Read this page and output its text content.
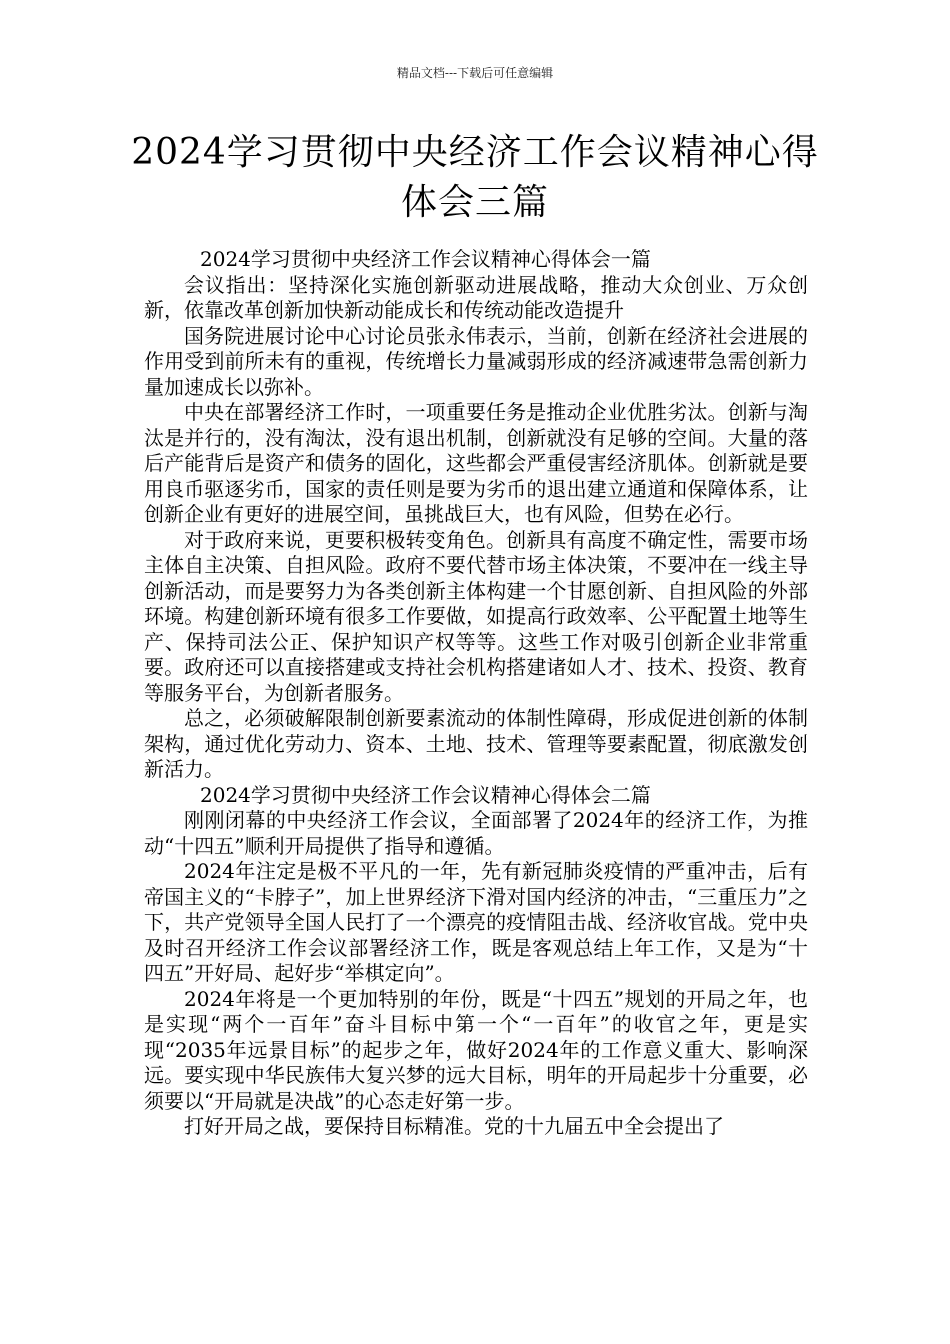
精品文档---下载后可任意编辑
2024学习贯彻中央经济工作会议精神心得体会三篇

2024学习贯彻中央经济工作会议精神心得体会一篇

会议指出：坚持深化实施创新驱动进展战略，推动大众创业、万众创新，依靠改革创新加快新动能成长和传统动能改造提升

国务院进展讨论中心讨论员张永伟表示，当前，创新在经济社会进展的作用受到前所未有的重视，传统增长力量减弱形成的经济减速带急需创新力量加速成长以弥补。

中央在部署经济工作时，一项重要任务是推动企业优胜劣汰。创新与淘汰是并行的，没有淘汰，没有退出机制，创新就没有足够的空间。大量的落后产能背后是资产和债务的固化，这些都会严重侵害经济肌体。创新就是要用良币驱逐劣币，国家的责任则是要为劣币的退出建立通道和保障体系，让创新企业有更好的进展空间，虽挑战巨大，也有风险，但势在必行。

对于政府来说，更要积极转变角色。创新具有高度不确定性，需要市场主体自主决策、自担风险。政府不要代替市场主体决策，不要冲在一线主导创新活动，而是要努力为各类创新主体构建一个甘愿创新、自担风险的外部环境。构建创新环境有很多工作要做，如提高行政效率、公平配置土地等生产、保持司法公正、保护知识产权等等。这些工作对吸引创新企业非常重要。政府还可以直接搭建或支持社会机构搭建诸如人才、技术、投资、教育等服务平台，为创新者服务。

总之，必须破解限制创新要素流动的体制性障碍，形成促进创新的体制架构，通过优化劳动力、资本、土地、技术、管理等要素配置，彻底激发创新活力。

2024学习贯彻中央经济工作会议精神心得体会二篇

刚刚闭幕的中央经济工作会议，全面部署了2024年的经济工作，为推动“十四五”顺利开局提供了指导和遵循。

2024年注定是极不平凡的一年，先有新冠肺炎疫情的严重冲击，后有帝国主义的“卡脖子”，加上世界经济下滑对国内经济的冲击，“三重压力”之下，共产党领导全国人民打了一个漂亮的疫情阻击战、经济收官战。党中央及时召开经济工作会议部署经济工作，既是客观总结上年工作，又是为“十四五”开好局、起好步“举棋定向”。

2024年将是一个更加特别的年份，既是“十四五”规划的开局之年，也是实现“两个一百年”奋斗目标中第一个“一百年”的收官之年，更是实现“2035年远景目标”的起步之年，做好2024年的工作意义重大、影响深远。要实现中华民族伟大复兴梦的远大目标，明年的开局起步十分重要，必须要以“开局就是决战”的心态走好第一步。

打好开局之战，要保持目标精准。党的十九届五中全会提出了
